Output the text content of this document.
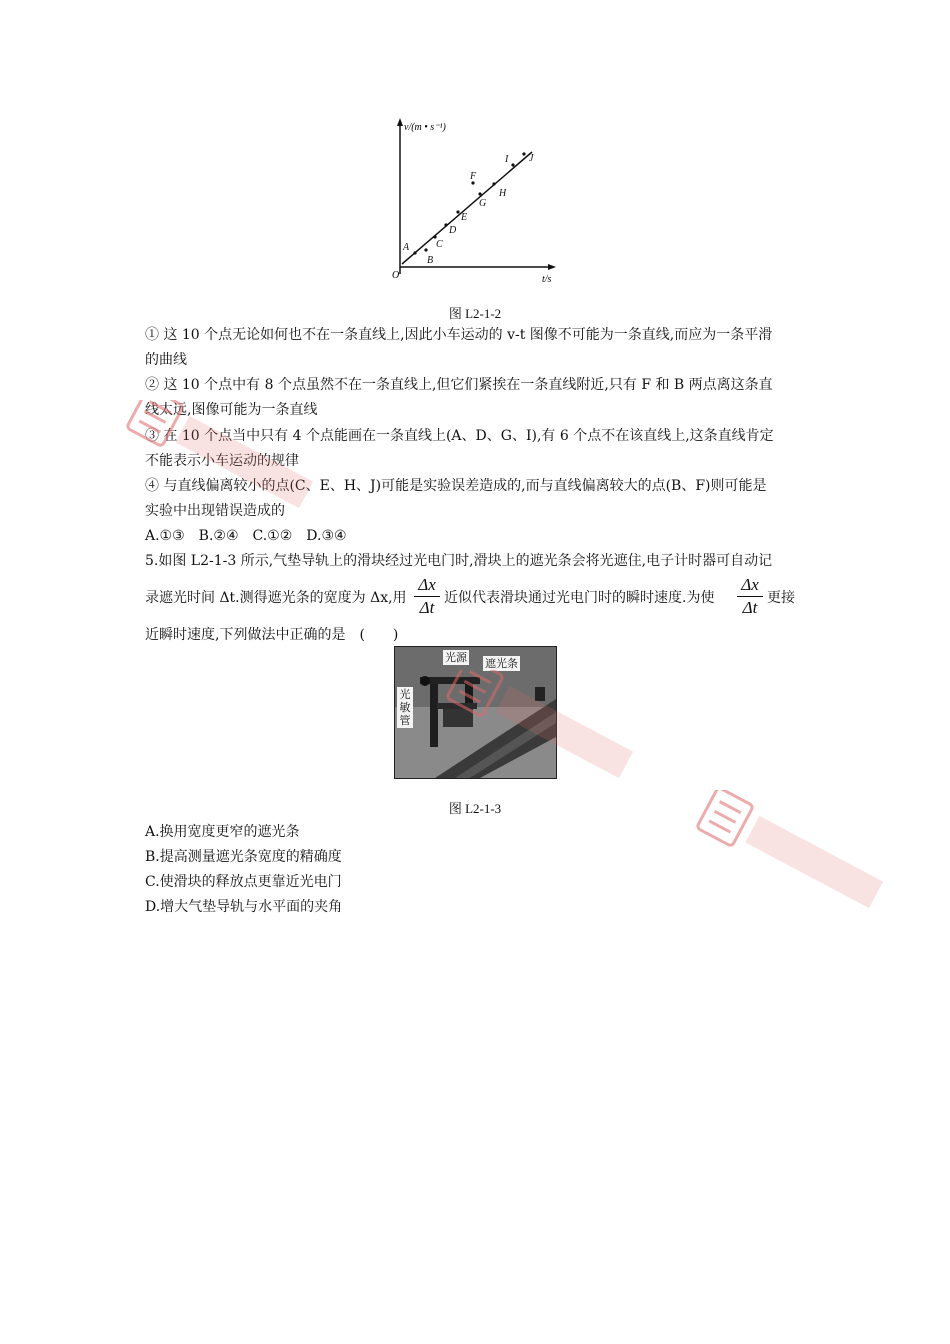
v/(m • s⁻¹)
t/s
O
A
B
C
D
E
F
G
H
I J
图 L2-1-2
① 这 10 个点无论如何也不在一条直线上,因此小车运动的 v-t 图像不可能为一条直线,而应为一条平滑
的曲线
② 这 10 个点中有 8 个点虽然不在一条直线上,但它们紧挨在一条直线附近,只有 F 和 B 两点离这条直
线太远,图像可能为一条直线
③ 在 10 个点当中只有 4 个点能画在一条直线上(A、D、G、I),有 6 个点不在该直线上,这条直线肯定
不能表示小车运动的规律
④ 与直线偏离较小的点(C、E、H、J)可能是实验误差造成的,而与直线偏离较大的点(B、F)则可能是
实验中出现错误造成的
A.①③　B.②④　C.①②　D.③④
5.如图 L2-1-3 所示,气垫导轨上的滑块经过光电门时,滑块上的遮光条会将光遮住,电子计时器可自动记
录遮光时间 Δt.测得遮光条的宽度为 Δx,用
Δx
Δt 近似代表滑块通过光电门时的瞬时速度.为使
Δx
Δt 更接
近瞬时速度,下列做法中正确的是　(　　)
光源 遮光条
光
敏
管
图 L2-1-3
A.换用宽度更窄的遮光条
B.提高测量遮光条宽度的精确度
C.使滑块的释放点更靠近光电门
D.增大气垫导轨与水平面的夹角
